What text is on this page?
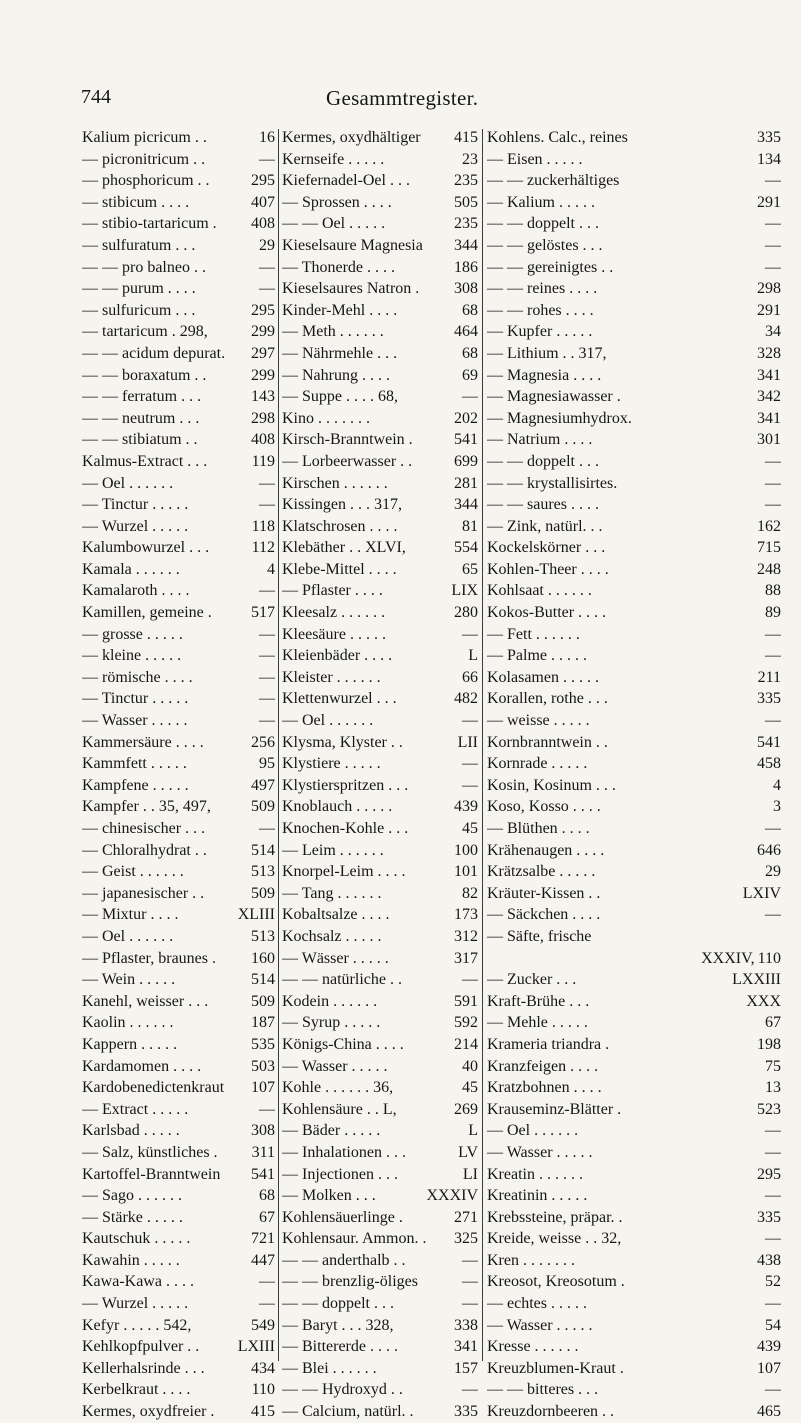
744	Gesammtregister.
Kalium picricum . .	16
— picronitricum . .	—
— phosphoricum . .	295
— stibicum . . . .	407
— stibio-tartaricum . 408
— sulfuratum . . .	29
— — pro balneo . .	—
— — purum . . . .	—
— sulfuricum . . .	295
— tartaricum . 298,	299
— — acidum depurat. 297
— — boraxatum . .	299
— — ferratum . . .	143
— — neutrum . . .	298
— — stibiatum . .	408
Kalmus-Extract . . .	119
— Oel . . . . . .	—
— Tinctur . . . . .	—
— Wurzel . . . . .	118
Kalumbowurzel . . .	112
Kamala . . . . . .	4
Kamalaroth . . . .	—
Kamillen, gemeine . 517
— grosse . . . . .	—
— kleine . . . . .	—
— römische . . . .	—
— Tinctur . . . . .	—
— Wasser . . . . .	—
Kammersäure . . . .	256
Kammfett . . . . .	95
Kampfene . . . . .	497
Kampfer . . 35, 497,	509
— chinesischer . . .	—
— Chloralhydrat . .	514
— Geist . . . . . .	513
— japanesischer . .	509
— Mixtur . . . .	XLIII
— Oel . . . . . .	513
— Pflaster, braunes . 160
— Wein . . . . .	514
Kanehl, weisser . . .	509
Kaolin . . . . . .	187
Kappern . . . . .	535
Kardamomen . . . .	503
Kardobenedictenkraut 107
— Extract . . . . .	—
Karlsbad . . . . .	308
— Salz, künstliches . 311
Kartoffel-Branntwein 541
— Sago . . . . . .	68
— Stärke . . . . .	67
Kautschuk . . . . .	721
Kawahin . . . . .	447
Kawa-Kawa . . . .	—
— Wurzel . . . . .	—
Kefyr . . . . . 542,	549
Kehlkopfpulver . . LXIII
Kellerhalsrinde . . .	434
Kerbelkraut . . . .	110
Kermes, oxydfreier . 415
Kermes, oxydhältiger 415
Kernseife . . . . .	23
Kiefernadel-Oel . . .	235
— Sprossen . . . .	505
— — Oel . . . . .	235
Kieselsaure Magnesia 344
— Thonerde . . . .	186
Kieselsaures Natron . 308
Kinder-Mehl . . . .	68
— Meth . . . . . .	464
— Nährmehle . . .	68
— Nahrung . . . .	69
— Suppe . . . . 68,	—
Kino . . . . . . .	202
Kirsch-Branntwein .	541
— Lorbeerwasser . .	699
Kirschen . . . . . .	281
Kissingen . . . 317,	344
Klatschrosen . . . .	81
Klebäther . . XLVI,	554
Klebe-Mittel . . . .	65
— Pflaster . . . .	LIX
Kleesalz . . . . . .	280
Kleesäure . . . . .	—
Kleienbäder . . . .	L
Kleister . . . . . .	66
Klettenwurzel . . .	482
— Oel . . . . . .	—
Klysma, Klyster . .	LII
Klystiere . . . . .	—
Klystierspritzen . . .	—
Knoblauch . . . . .	439
Knochen-Kohle . . .	45
— Leim . . . . . .	100
Knorpel-Leim . . . .	101
— Tang . . . . . .	82
Kobaltsalze . . . .	173
Kochsalz . . . . .	312
— Wässer . . . . .	317
— — natürliche . .	—
Kodein . . . . . .	591
— Syrup . . . . .	592
Königs-China . . . .	214
— Wasser . . . . .	40
Kohle . . . . . . 36,	45
Kohlensäure . . L,	269
— Bäder . . . . .	L
— Inhalationen . . .	LV
— Injectionen . . .	LI
— Molken . . .	XXXIV
Kohlensäuerlinge .	271
Kohlensaur. Ammon. . 325
— — anderthalb . .	—
— — brenzlig-öliges	—
— — doppelt . . .	—
— Baryt . . . 328,	338
— Bittererde . . . .	341
— Blei . . . . . .	157
— — Hydroxyd . .	—
— Calcium, natürl. .	335
Kohlens. Calc., reines	335
— Eisen . . . . .	134
— — zuckerhältiges	—
— Kalium . . . . .	291
— — doppelt . . .	—
— — gelöstes . . .	—
— — gereinigtes . .	—
— — reines . . . .	298
— — rohes . . . .	291
— Kupfer . . . . .	34
— Lithium . . 317,	328
— Magnesia . . . .	341
— Magnesiawasser .	342
— Magnesiumhydrox.	341
— Natrium . . . .	301
— — doppelt . . .	—
— — krystallisirtes.	—
— — saures . . . .	—
— Zink, natürl. . .	162
Kockelskörner . . .	715
Kohlen-Theer . . . .	248
Kohlsaat . . . . . .	88
Kokos-Butter . . . .	89
— Fett . . . . . .	—
— Palme . . . . .	—
Kolasamen . . . . .	211
Korallen, rothe . . .	335
— weisse . . . . .	—
Kornbranntwein . .	541
Kornrade . . . . .	458
Kosin, Kosinum . . .	4
Koso, Kosso . . . .	3
— Blüthen . . . .	—
Krähenaugen . . . .	646
Krätzsalbe . . . . .	29
Kräuter-Kissen . .	LXIV
— Säckchen . . . .	—
— Säfte, frische
XXXIV, 110
— Zucker . . .	LXXIII
Kraft-Brühe . . .	XXX
— Mehle . . . . .	67
Krameria triandra .	198
Kranzfeigen . . . .	75
Kratzbohnen . . . .	13
Krauseminz-Blätter .	523
— Oel . . . . . .	—
— Wasser . . . . .	—
Kreatin . . . . . .	295
Kreatinin . . . . .	—
Krebssteine, präpar. .	335
Kreide, weisse . . 32,	—
Kren . . . . . . .	438
Kreosot, Kreosotum .	52
— echtes . . . . .	—
— Wasser . . . . .	54
Kresse . . . . . .	439
Kreuzblumen-Kraut .	107
— — bitteres . . .	—
Kreuzdornbeeren . .	465
